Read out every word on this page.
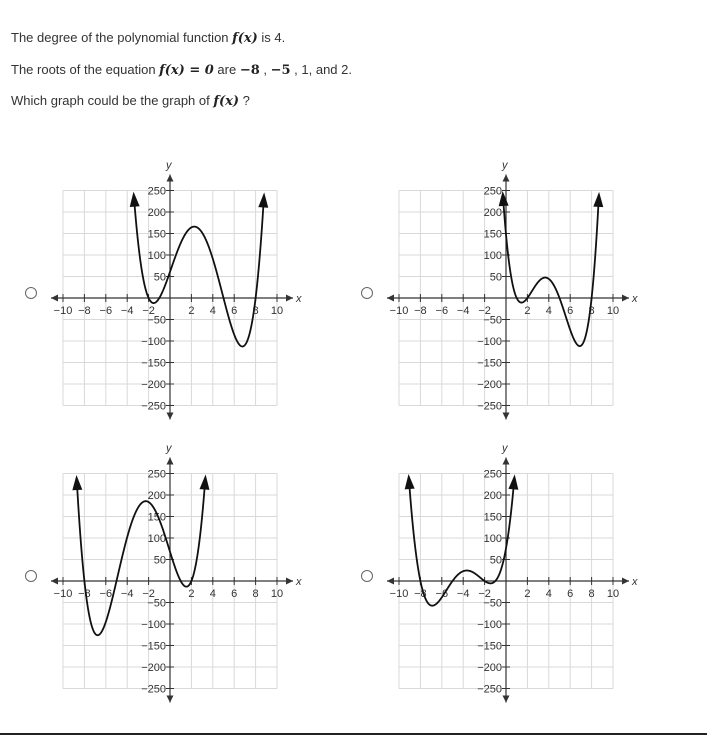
The degree of the polynomial function f(x) is 4.
The roots of the equation f(x) = 0 are −8 , −5 , 1, and 2.
Which graph could be the graph of f(x) ?
x
y
−10 −8 −6 −4 −2	2 4 6 8 10
250
200
150
100
50
−50
−100
−150
−200
−250
x
y
−10 −8 −6 −4 −2	2 4 6 8 10
250
200
150
100
50
−50
−100
−150
−200
−250
x
y
−10 −8 −6 −4 −2	2 4 6 8 10
250
200
150
100
50
−50
−100
−150
−200
−250
x
y
−10 −8 −6 −4 −2	2 4 6 8 10
250
200
150
100
50
−50
−100
−150
−200
−250
